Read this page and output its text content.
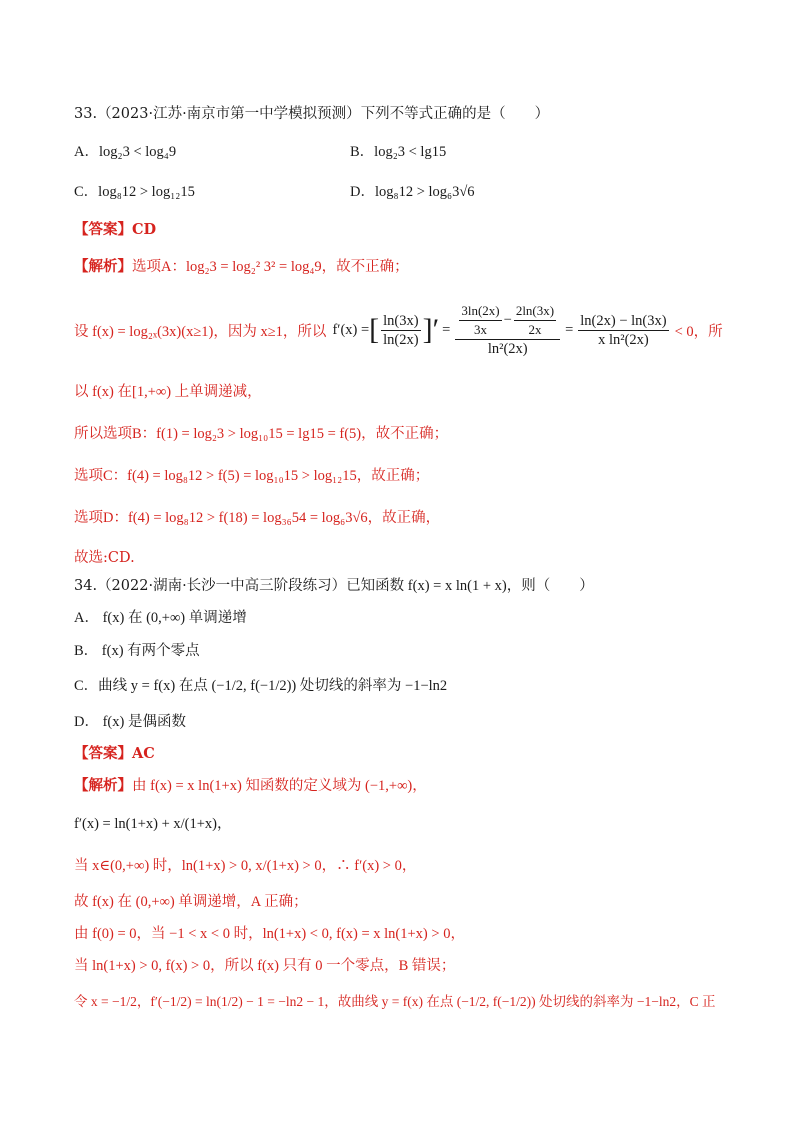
33.（2023·江苏·南京市第一中学模拟预测）下列不等式正确的是（　　）
A．log₂3 < log₄9	B．log₂3 < lg15
C．log₈12 > log₁₂15	D．log₈12 > log₆3√6
【答案】CD
【解析】选项A：log₂3 = log₂² 3² = log₄9，故不正确；
设 f(x) = log₂ₓ(3x)(x≥1)，因为 x≥1，所以 f′(x) = [ $\frac{\ln(3x)}{\ln(2x)}$ ]′ = $\frac{\frac{3\ln(2x)}{3x} - \frac{2\ln(3x)}{2x}}{\text{ln²(2x)}} = \frac{\ln(2x) - \ln(3x)}{\text{x ln²(2x)}} < 0$，所
以 f(x) 在[1,+∞) 上单调递减，
所以选项B：f(1) = log₂3 > log₁₀15 = lg15 = f(5)，故不正确；
选项C：f(4) = log₈12 > f(5) = log₁₀15 > log₁₂15，故正确；
选项D：f(4) = log₈12 > f(18) = log₃₆54 = log₆3√6，故正确，
故选:CD.
34.（2022·湖南·长沙一中高三阶段练习）已知函数 f(x) = x ln(1 + x)，则（　　）
A． f(x) 在 (0,+∞) 单调递增
B． f(x) 有两个零点
C．曲线 y = f(x) 在点 (−1/2, f(−1/2)) 处切线的斜率为 −1−ln2
D． f(x) 是偶函数
【答案】AC
【解析】由 f(x) = x ln(1+x) 知函数的定义域为 (−1,+∞)，
f′(x) = ln(1+x) + x/(1+x)，
当 x∈(0,+∞) 时，ln(1+x) > 0, x/(1+x) > 0，∴ f′(x) > 0，
故 f(x) 在 (0,+∞) 单调递增，A 正确；
由 f(0) = 0，当 −1 < x < 0 时，ln(1+x) < 0, f(x) = x ln(1+x) > 0，
当 ln(1+x) > 0, f(x) > 0，所以 f(x) 只有 0 一个零点，B 错误；
令 x = −1/2，f′(−1/2) = ln(1/2) − 1 = −ln2 − 1，故曲线 y = f(x) 在点 (−1/2, f(−1/2)) 处切线的斜率为 −1−ln2，C 正
